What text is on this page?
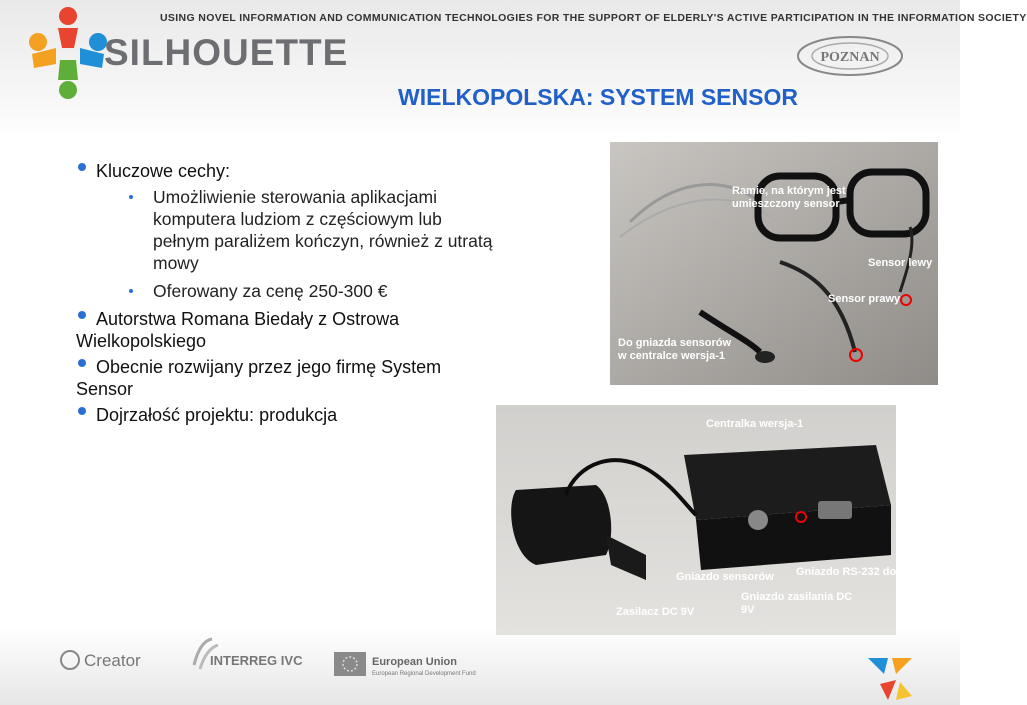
SILHOUETTE
USING NOVEL INFORMATION AND COMMUNICATION TECHNOLOGIES FOR THE SUPPORT OF ELDERLY'S ACTIVE PARTICIPATION IN THE INFORMATION SOCIETY
POZNAN
WIELKOPOLSKA: SYSTEM SENSOR
Kluczowe cechy:
Umożliwienie sterowania aplikacjami komputera ludziom z częściowym lub pełnym paraliżem kończyn, również z utratą mowy
Oferowany za cenę 250-300 €
Autorstwa Romana Biedały z Ostrowa Wielkopolskiego
Obecnie rozwijany przez jego firmę System Sensor
Dojrzałość projektu: produkcja
Ramie, na którym jest umieszczony sensor
Sensor lewy
Sensor prawy
Do gniazda sensorów w centralce wersja-1
Centralka wersja-1
Gniazdo RS-232 do komputera
Gniazdo sensorów
Gniazdo zasilania DC 9V
Zasilacz DC 9V
Creator	INTERREG IVC	European Union
European Regional Development Fund
